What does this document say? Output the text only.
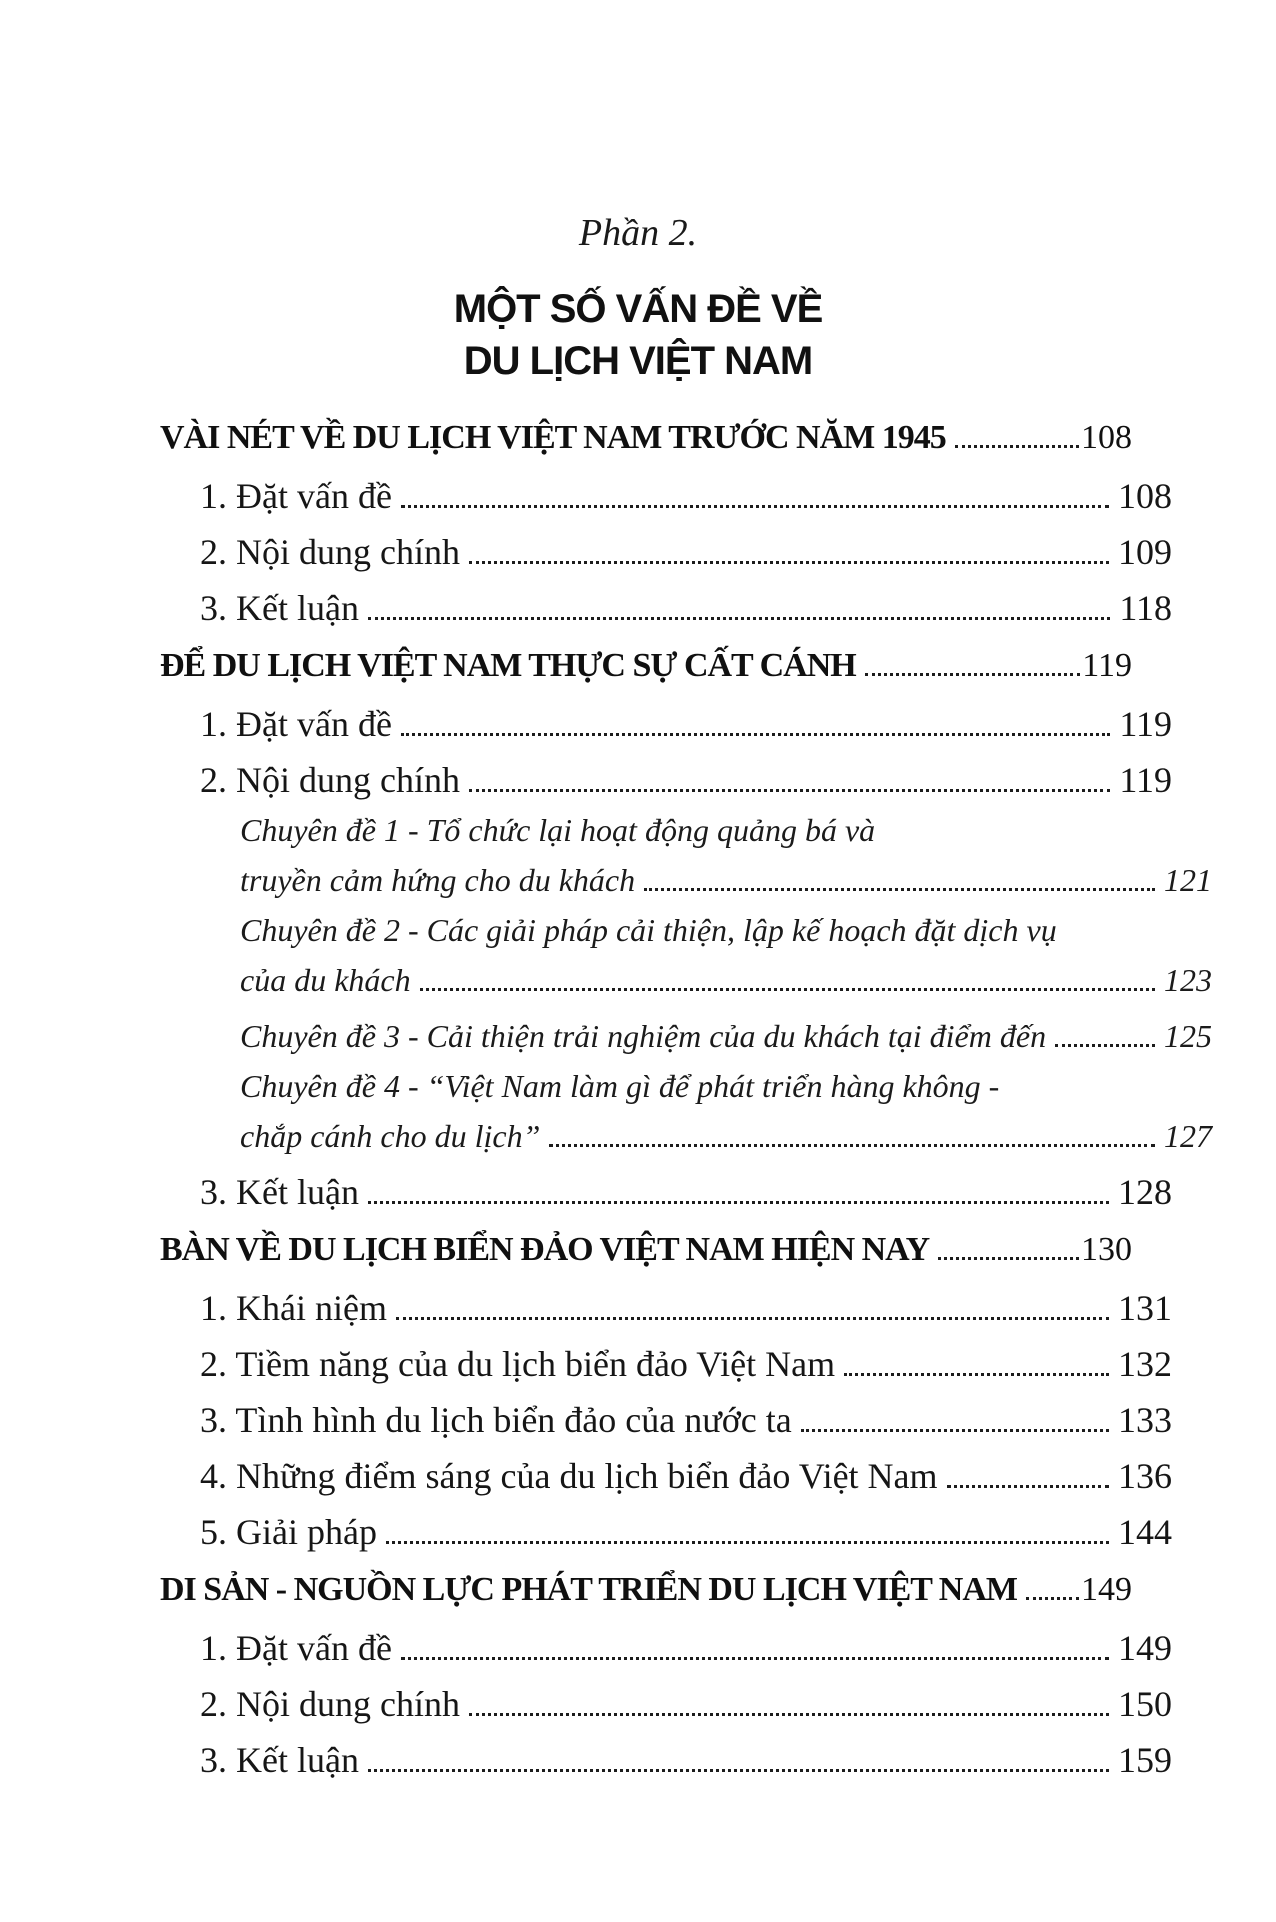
Phần 2.
MỘT SỐ VẤN ĐỀ VỀ
DU LỊCH VIỆT NAM
VÀI NÉT VỀ DU LỊCH VIỆT NAM TRƯỚC NĂM 1945	108
1. Đặt vấn đề	108
2. Nội dung chính	109
3. Kết luận	118
ĐỂ DU LỊCH VIỆT NAM THỰC SỰ CẤT CÁNH	119
1. Đặt vấn đề	119
2. Nội dung chính	119
Chuyên đề 1 - Tổ chức lại hoạt động quảng bá và
truyền cảm hứng cho du khách	121
Chuyên đề 2 - Các giải pháp cải thiện, lập kế hoạch đặt dịch vụ
của du khách	123
Chuyên đề 3 - Cải thiện trải nghiệm của du khách tại điểm đến	125
Chuyên đề 4 - “Việt Nam làm gì để phát triển hàng không -
chắp cánh cho du lịch”	127
3. Kết luận	128
BÀN VỀ DU LỊCH BIỂN ĐẢO VIỆT NAM HIỆN NAY	130
1. Khái niệm	131
2. Tiềm năng của du lịch biển đảo Việt Nam	132
3. Tình hình du lịch biển đảo của nước ta	133
4. Những điểm sáng của du lịch biển đảo Việt Nam	136
5. Giải pháp	144
DI SẢN - NGUỒN LỰC PHÁT TRIỂN DU LỊCH VIỆT NAM 149
1. Đặt vấn đề	149
2. Nội dung chính	150
3. Kết luận	159
